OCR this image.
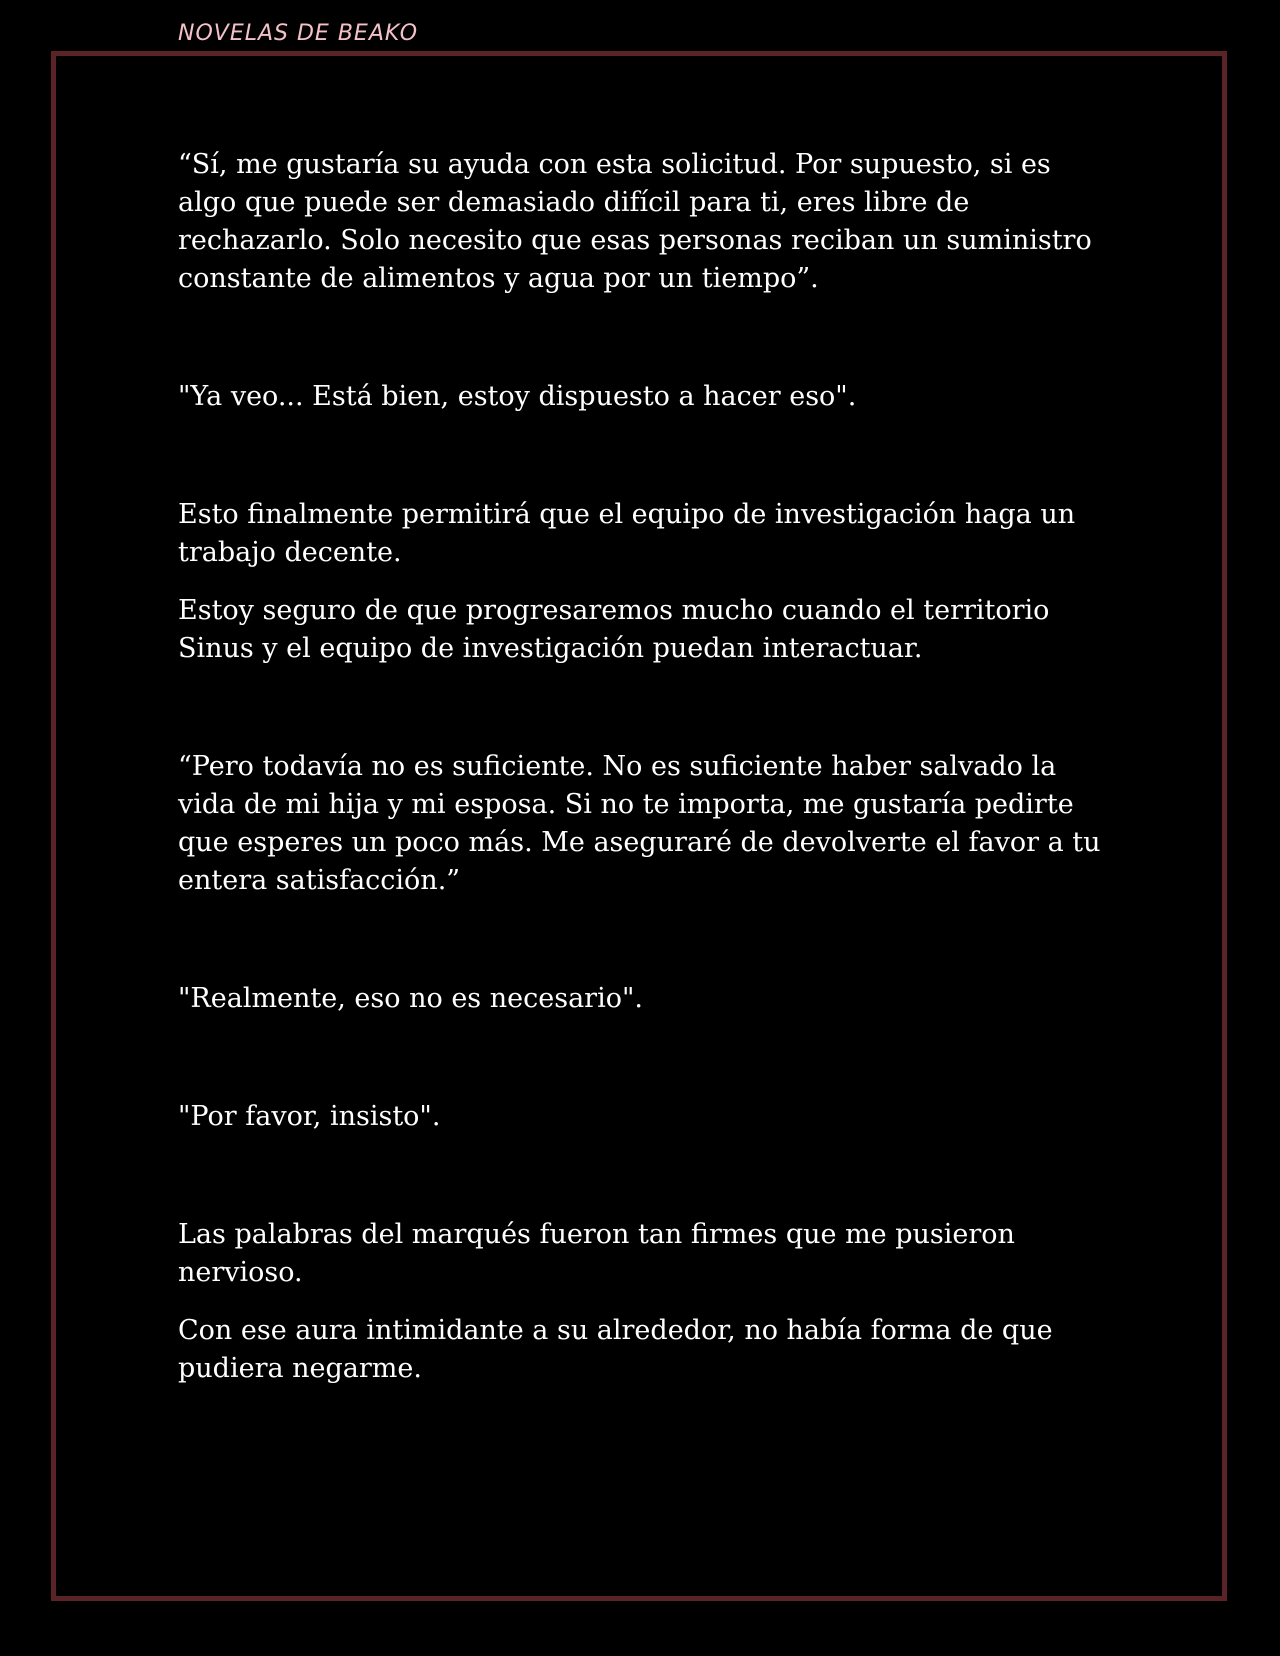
NOVELAS DE BEAKO

“Sí, me gustaría su ayuda con esta solicitud. Por supuesto, si es algo que puede ser demasiado difícil para ti, eres libre de rechazarlo. Solo necesito que esas personas reciban un suministro constante de alimentos y agua por un tiempo”.

"Ya veo... Está bien, estoy dispuesto a hacer eso".

Esto finalmente permitirá que el equipo de investigación haga un trabajo decente.

Estoy seguro de que progresaremos mucho cuando el territorio Sinus y el equipo de investigación puedan interactuar.

“Pero todavía no es suficiente. No es suficiente haber salvado la vida de mi hija y mi esposa. Si no te importa, me gustaría pedirte que esperes un poco más. Me aseguraré de devolverte el favor a tu entera satisfacción.”

"Realmente, eso no es necesario".

"Por favor, insisto".

Las palabras del marqués fueron tan firmes que me pusieron nervioso.

Con ese aura intimidante a su alrededor, no había forma de que pudiera negarme.
